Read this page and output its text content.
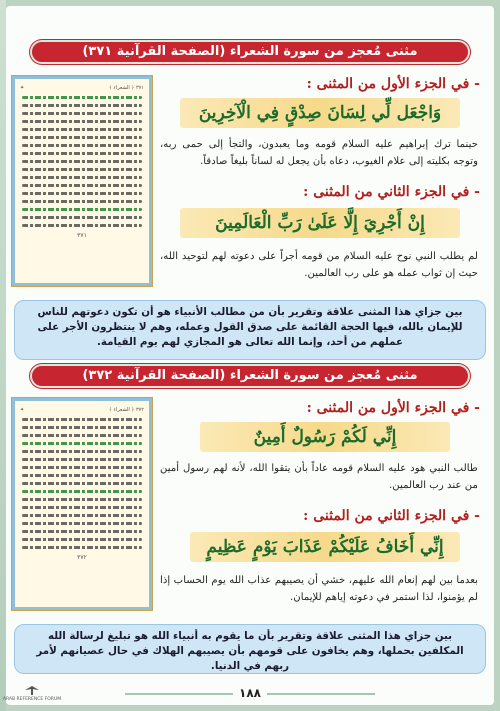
مثنى مُعجز من سورة الشعراء (الصفحة القرآنية ٣٧١)
٣٧١ ﴿ الشعراء ﴾
✦
٣٧١
- في الجزء الأول من المثنى :
وَاجْعَل لِّي لِسَانَ صِدْقٍ فِي الْآخِرِينَ
حينما ترك إبراهيم عليه السلام قومه وما يعبدون، والتجأ إلى حمى ربه، وتوجه بكليته إلى علام الغيوب، دعاه بأن يجعل له لساناً بليغاً صادقاً.
- في الجزء الثاني من المثنى :
إِنْ أَجْرِيَ إِلَّا عَلَىٰ رَبِّ الْعَالَمِينَ
لم يطلب النبي نوح عليه السلام من قومه أجراً على دعوته لهم لتوحيد الله، حيث إن ثواب عمله هو على رب العالمين.
بين جزاي هذا المثنى علاقة وتقرير بأن من مطالب الأنبياء هو أن تكون دعوتهم للناس للإيمان بالله، فيها الحجة القائمة على صدق القول وعمله، وهم لا ينتظرون الأجر على عملهم من أحد، وإنما الله تعالى هو المجازي لهم يوم القيامة.
مثنى مُعجز من سورة الشعراء (الصفحة القرآنية ٣٧٢)
٣٧٢ ﴿ الشعراء ﴾
✦
٣٧٢
- في الجزء الأول من المثنى :
إِنِّي لَكُمْ رَسُولٌ أَمِينٌ
طالب النبي هود عليه السلام قومه عاداً بأن يتقوا الله، لأنه لهم رسول أمين من عند رب العالمين.
- في الجزء الثاني من المثنى :
إِنِّي أَخَافُ عَلَيْكُمْ عَذَابَ يَوْمٍ عَظِيمٍ
بعدما بين لهم إنعام الله عليهم، خشي أن يصيبهم عذاب الله يوم الحساب إذا لم يؤمنوا، لذا استمر في دعوته إياهم للإيمان.
بين جزاي هذا المثنى علاقة وتقرير بأن ما يقوم به أنبياء الله هو تبليغ لرسالة الله المكلفين بحملها، وهم يخافون على قومهم بأن يصيبهم الهلاك في حال عصيانهم لأمر ربهم في الدنيا.
١٨٨
ARAB REFERENCE FORUM
